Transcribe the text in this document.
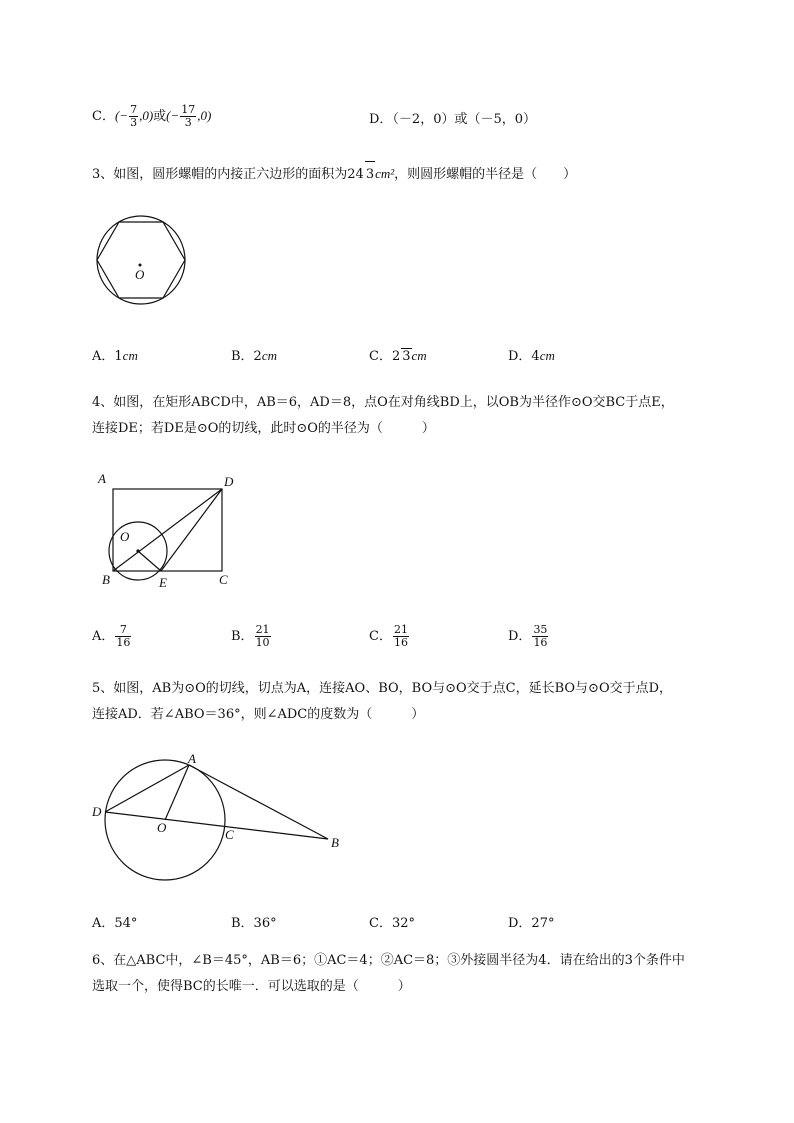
C．(− $\frac{7}{3} ,0$)或(− $\frac{17}{3} ,0$)	D．（－2，0）或（－5，0）
3、如图，圆形螺帽的内接正六边形的面积为24 3cm²，则圆形螺帽的半径是（　　）
O
A．1cm	B．2cm	C．2 3cm	D．4cm
4、如图，在矩形ABCD中，AB＝6，AD＝8，点O在对角线BD上，以OB为半径作⊙O交BC于点E，
连接DE；若DE是⊙O的切线，此时⊙O的半径为（　　　）
A	D
O
B	E	C
A． $\frac{7}{16}$	B． $\frac{21}{10}$	C． $\frac{21}{16}$	D． $\frac{35}{16}$
5、如图，AB为⊙O的切线，切点为A，连接AO、BO，BO与⊙O交于点C，延长BO与⊙O交于点D，
连接AD．若∠ABO＝36°，则∠ADC的度数为（　　　）
A
D
O	C
B
A．54°	B．36°	C．32°	D．27°
6、在△ABC中，∠B＝45°，AB＝6；①AC＝4；②AC＝8；③外接圆半径为4．请在给出的3个条件中
选取一个，使得BC的长唯一．可以选取的是（　　　）
